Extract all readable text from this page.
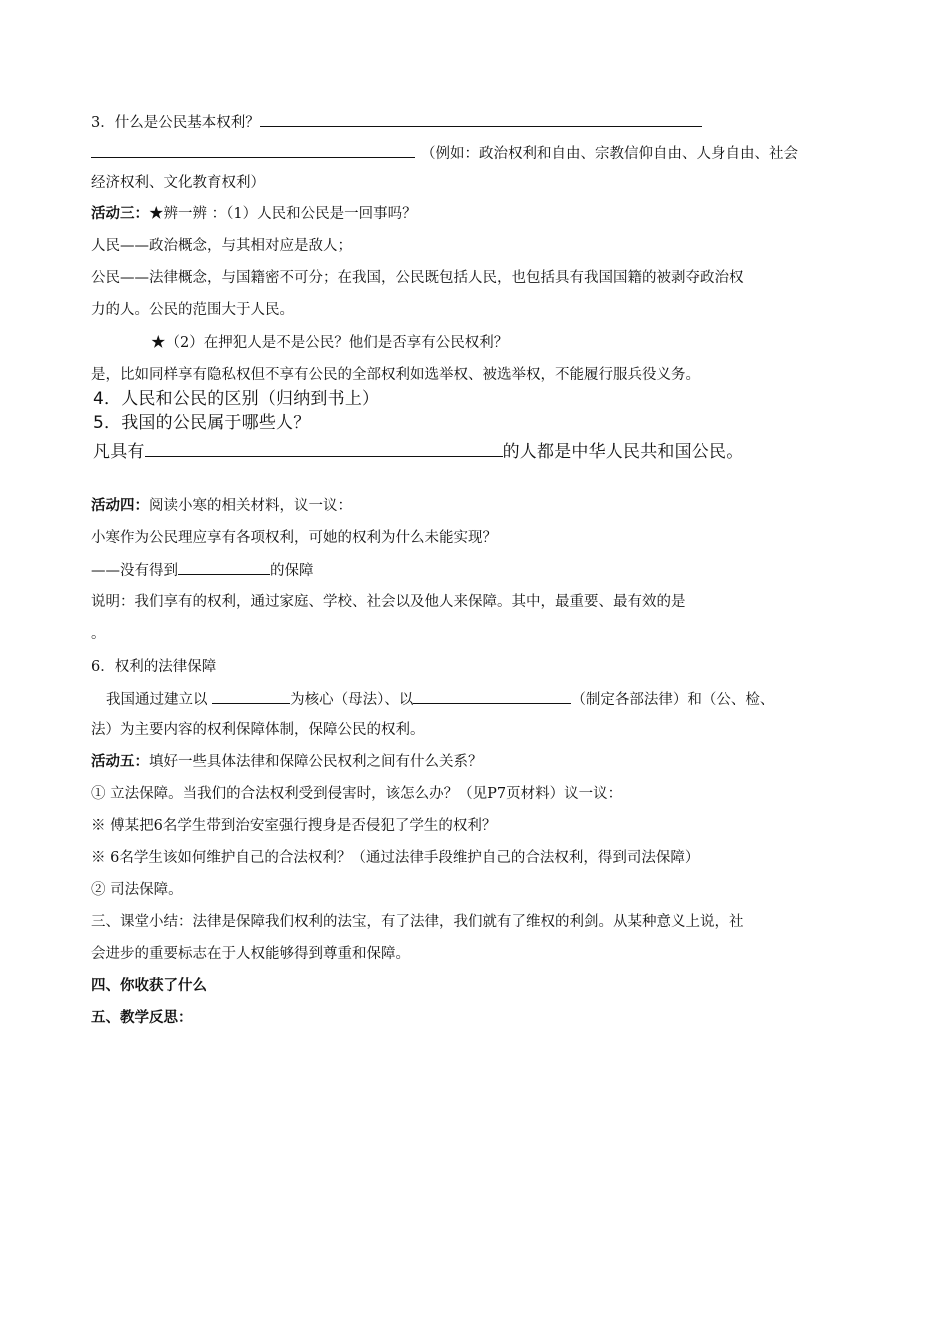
3．什么是公民基本权利？
（例如：政治权利和自由、宗教信仰自由、人身自由、社会
经济权利、文化教育权利）
活动三：★辨一辨 ：（1）人民和公民是一回事吗？
人民——政治概念，与其相对应是敌人；
公民——法律概念，与国籍密不可分；在我国，公民既包括人民，也包括具有我国国籍的被剥夺政治权
力的人。公民的范围大于人民。
★（2）在押犯人是不是公民？他们是否享有公民权利？
是，比如同样享有隐私权但不享有公民的全部权利如选举权、被选举权，不能履行服兵役义务。
4．人民和公民的区别（归纳到书上）
5．我国的公民属于哪些人？
凡具有	的人都是中华人民共和国公民。
活动四：阅读小寒的相关材料，议一议：
小寒作为公民理应享有各项权利，可她的权利为什么未能实现？
——没有得到	的保障
说明：我们享有的权利，通过家庭、学校、社会以及他人来保障。其中，最重要、最有效的是
。
6．权利的法律保障
我国通过建立以	为核心（母法）、以	（制定各部法律）和（公、检、
法）为主要内容的权利保障体制，保障公民的权利。
活动五：填好一些具体法律和保障公民权利之间有什么关系？
① 立法保障。当我们的合法权利受到侵害时，该怎么办？（见P7页材料）议一议：
※ 傅某把6名学生带到治安室强行搜身是否侵犯了学生的权利？
※ 6名学生该如何维护自己的合法权利？（通过法律手段维护自己的合法权利，得到司法保障）
② 司法保障。
三、课堂小结：法律是保障我们权利的法宝，有了法律，我们就有了维权的利剑。从某种意义上说，社
会进步的重要标志在于人权能够得到尊重和保障。
四、你收获了什么
五、教学反思：
